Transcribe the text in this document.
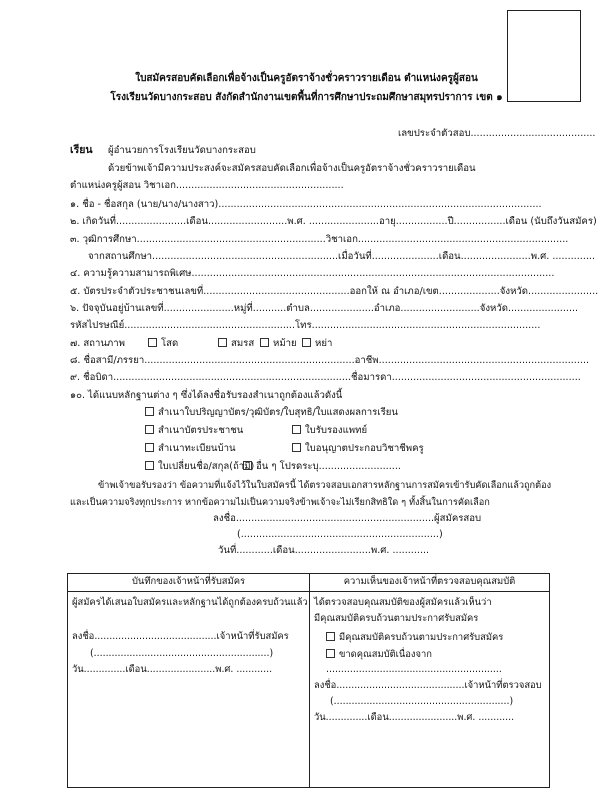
ใบสมัครสอบคัดเลือกเพื่อจ้างเป็นครูอัตราจ้างชั่วคราวรายเดือน ตำแหน่งครูผู้สอน
โรงเรียนวัดบางกระสอบ สังกัดสำนักงานเขตพื้นที่การศึกษาประถมศึกษาสมุทรปราการ เขต ๑
เลขประจำตัวสอบ.........................................
เรียน ผู้อำนวยการโรงเรียนวัดบางกระสอบ
ด้วยข้าพเจ้ามีความประสงค์จะสมัครสอบคัดเลือกเพื่อจ้างเป็นครูอัตราจ้างชั่วคราวรายเดือน
ตำแหน่งครูผู้สอน วิชาเอก.......................................................
๑. ชื่อ - ชื่อสกุล (นาย/นาง/นางสาว)..........................................................................................................
๒. เกิดวันที่.......................เดือน..........................พ.ศ. .......................อายุ.................ปี.................เดือน (นับถึงวันสมัคร)
๓. วุฒิการศึกษา..............................................................วิชาเอก.....................................................................
จากสถานศึกษา.............................................................เมื่อวันที่......................เดือน.......................พ.ศ. ..............
๔. ความรู้ความสามารถพิเศษ.......................................................................................................................
๕. บัตรประจำตัวประชาชนเลขที่................................................ออกให้ ณ อำเภอ/เขต....................จังหวัด.......................
๖. ปัจจุบันอยู่บ้านเลขที่.......................หมู่ที่...........ตำบล.....................อำเภอ..........................จังหวัด.......................
รหัสไปรษณีย์........................................................โทร...........................................................................
๗. สถานภาพ	โสด	สมรส	หม้าย	หย่า
๘. ชื่อสามี/ภรรยา.....................................................................อาชีพ.....................................................................
๙. ชื่อบิดา..............................................................................ชื่อมารดา..............................................................
๑๐. ได้แนบหลักฐานต่าง ๆ ซึ่งได้ลงชื่อรับรองสำเนาถูกต้องแล้วดังนี้
สำเนาใบปริญญาบัตร/วุฒิบัตร/ใบสุทธิ/ใบแสดงผลการเรียน
สำเนาบัตรประชาชน	ใบรับรองแพทย์
สำเนาทะเบียนบ้าน	ใบอนุญาตประกอบวิชาชีพครู
ใบเปลี่ยนชื่อ/สกุล(ถ้ามี) อื่น ๆ โปรดระบุ...........................
ข้าพเจ้าขอรับรองว่า ข้อความที่แจ้งไว้ในใบสมัครนี้ ได้ตรวจสอบเอกสารหลักฐานการสมัครเข้ารับคัดเลือกแล้วถูกต้อง
และเป็นความจริงทุกประการ หากข้อความไม่เป็นความจริงข้าพเจ้าจะไม่เรียกสิทธิใด ๆ ทั้งสิ้นในการคัดเลือก
ลงชื่อ.................................................................ผู้สมัครสอบ
(.................................................................)
วันที่............เดือน.........................พ.ศ. ............
บันทึกของเจ้าหน้าที่รับสมัคร	ความเห็นของเจ้าหน้าที่ตรวจสอบคุณสมบัติ
ผู้สมัครได้เสนอใบสมัครและหลักฐานได้ถูกต้องครบถ้วนแล้ว
ลงชื่อ.........................................เจ้าหน้าที่รับสมัคร
(...........................................................)
วัน..............เดือน.......................พ.ศ. ............
ได้ตรวจสอบคุณสมบัติของผู้สมัครแล้วเห็นว่า
มีคุณสมบัติครบถ้วนตามประกาศรับสมัคร
มีคุณสมบัติครบถ้วนตามประกาศรับสมัคร
ขาดคุณสมบัติเนื่องจาก
...........................................................
ลงชื่อ...........................................เจ้าหน้าที่ตรวจสอบ
(...........................................................)
วัน..............เดือน.......................พ.ศ. ............
